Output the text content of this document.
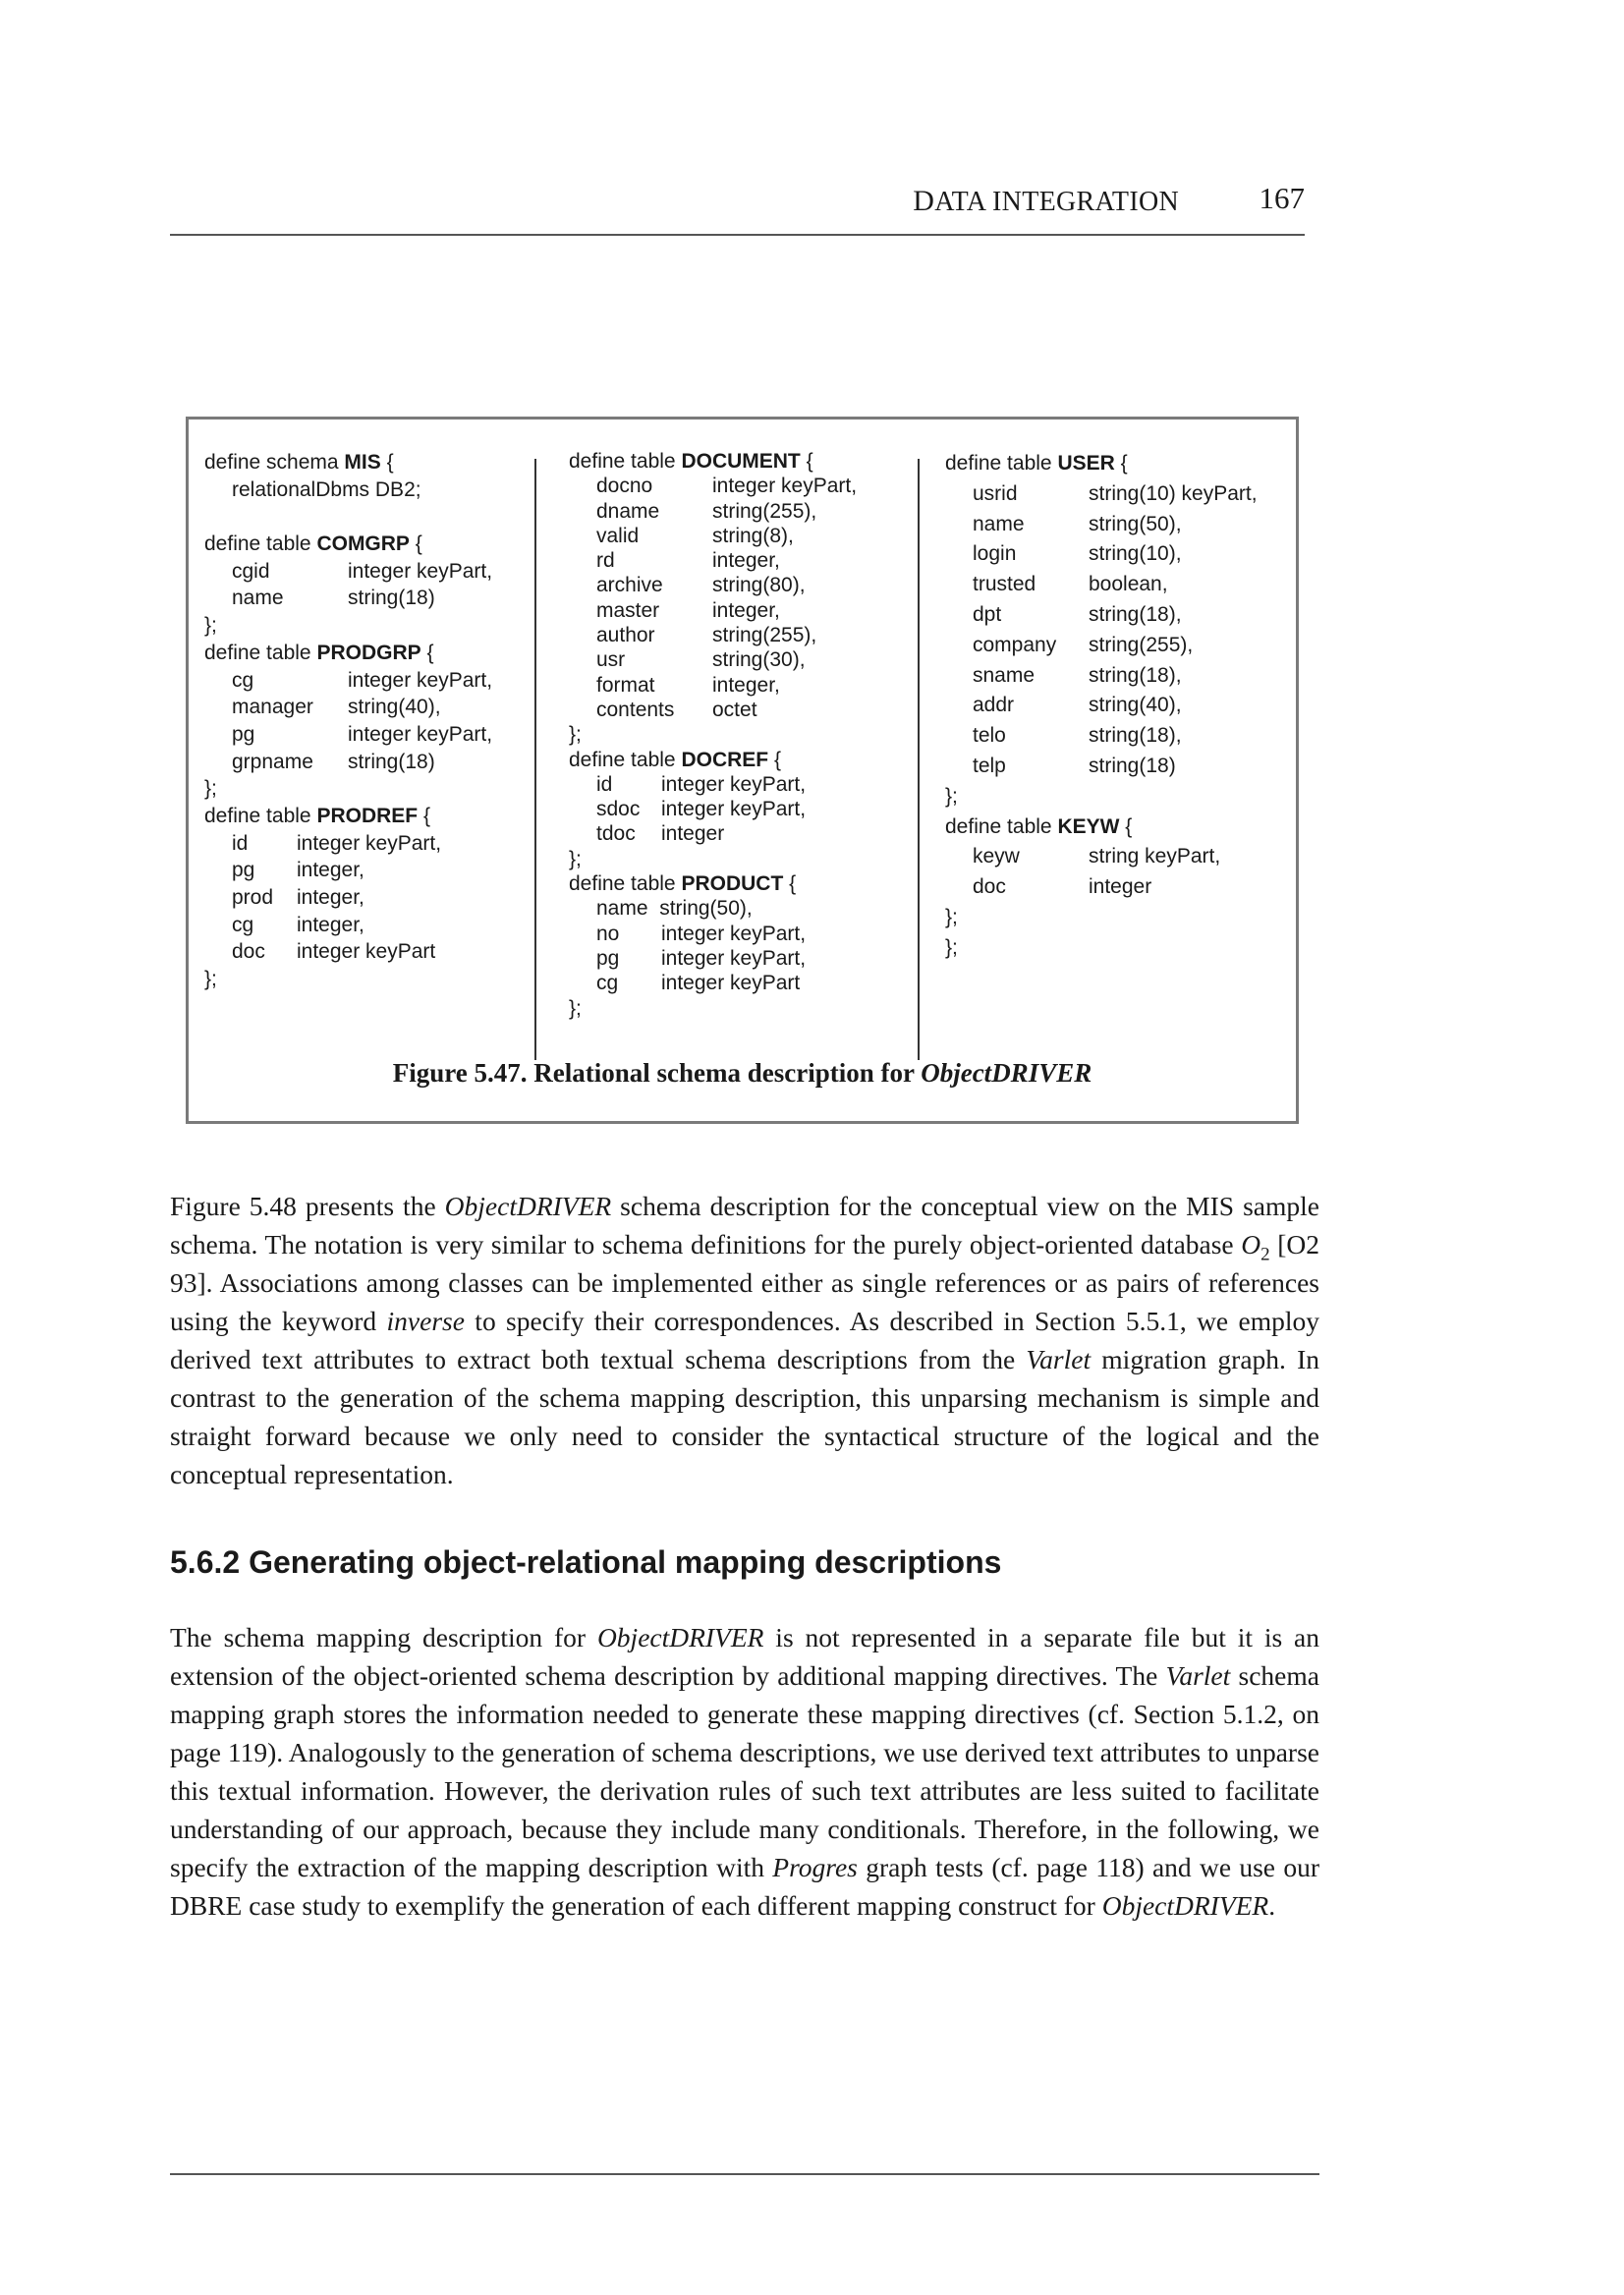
DATA INTEGRATION	167
define schema MIS {
relationalDbms DB2;

define table COMGRP {
cgid	integer keyPart,
name	string(18)
};
define table PRODGRP {
cg	integer keyPart,
manager string(40),
pg	integer keyPart,
grpname string(18)
};
define table PRODREF {
id integer keyPart,
pg integer,
prod integer,
cg integer,
doc integer keyPart
};
define table DOCUMENT {
docno	integer keyPart,
dname	string(255),
valid	string(8),
rd	integer,
archive string(80),
master	integer,
author	string(255),
usr	string(30),
format	integer,
contents octet
};
define table DOCREF {
id integer keyPart,
sdoc integer keyPart,
tdoc integer
};
define table PRODUCT {
name  string(50),
no integer keyPart,
pg integer keyPart,
cg integer keyPart
};
define table USER {
usrid	string(10) keyPart,
name	string(50),
login	string(10),
trusted	boolean,
dpt	string(18),
company string(255),
sname	string(18),
addr	string(40),
telo	string(18),
telp	string(18)
};
define table KEYW {
keyw	string keyPart,
doc	integer
};
};
Figure 5.47. Relational schema description for ObjectDRIVER

Figure 5.48 presents the ObjectDRIVER schema description for the conceptual view on the MIS sample schema. The notation is very similar to schema definitions for the purely object-oriented database $O_2$ [O2 93]. Associations among classes can be implemented either as single references or as pairs of references using the keyword inverse to specify their correspondences. As described in Section 5.5.1, we employ derived text attributes to extract both textual schema descriptions from the Varlet migration graph. In contrast to the generation of the schema mapping description, this unparsing mechanism is simple and straight forward because we only need to consider the syntactical structure of the logical and the conceptual representation.

5.6.2 Generating object-relational mapping descriptions

The schema mapping description for ObjectDRIVER is not represented in a separate file but it is an extension of the object-oriented schema description by additional mapping directives. The Varlet schema mapping graph stores the information needed to generate these mapping directives (cf. Section 5.1.2, on page 119). Analogously to the generation of schema descriptions, we use derived text attributes to unparse this textual information. However, the derivation rules of such text attributes are less suited to facilitate understanding of our approach, because they include many conditionals. Therefore, in the following, we specify the extraction of the mapping description with Progres graph tests (cf. page 118) and we use our DBRE case study to exemplify the generation of each different mapping construct for ObjectDRIVER.
